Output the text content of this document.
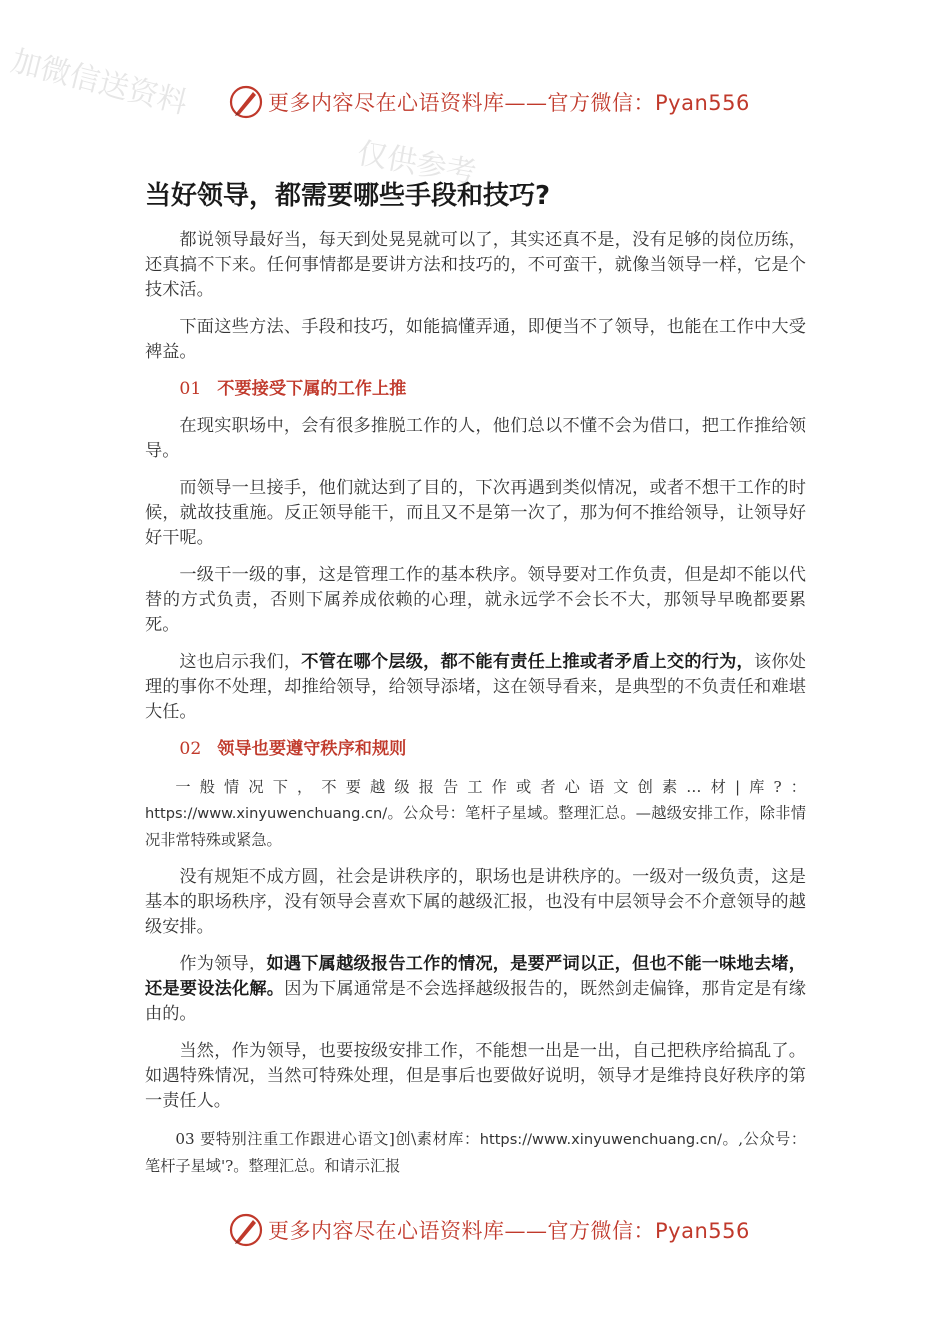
加微信送资料
仅供参考
更多内容尽在心语资料库——官方微信：Pyan556
当好领导，都需要哪些手段和技巧?

都说领导最好当，每天到处晃晃就可以了，其实还真不是，没有足够的岗位历练，还真搞不下来。任何事情都是要讲方法和技巧的，不可蛮干，就像当领导一样，它是个技术活。

下面这些方法、手段和技巧，如能搞懂弄通，即便当不了领导，也能在工作中大受裨益。

01 不要接受下属的工作上推

在现实职场中，会有很多推脱工作的人，他们总以不懂不会为借口，把工作推给领导。

而领导一旦接手，他们就达到了目的，下次再遇到类似情况，或者不想干工作的时候，就故技重施。反正领导能干，而且又不是第一次了，那为何不推给领导，让领导好好干呢。

一级干一级的事，这是管理工作的基本秩序。领导要对工作负责，但是却不能以代替的方式负责，否则下属养成依赖的心理，就永远学不会长不大，那领导早晚都要累死。

这也启示我们，不管在哪个层级，都不能有责任上推或者矛盾上交的行为，该你处理的事你不处理，却推给领导，给领导添堵，这在领导看来，是典型的不负责任和难堪大任。

02 领导也要遵守秩序和规则

一般情况下，不要越级报告工作或者心语文创素…材|库?：https://www.xinyuwenchuang.cn/。公众号：笔杆子星域。整理汇总。—越级安排工作，除非情况非常特殊或紧急。

没有规矩不成方圆，社会是讲秩序的，职场也是讲秩序的。一级对一级负责，这是基本的职场秩序，没有领导会喜欢下属的越级汇报，也没有中层领导会不介意领导的越级安排。

作为领导，如遇下属越级报告工作的情况，是要严词以正，但也不能一味地去堵，还是要设法化解。因为下属通常是不会选择越级报告的，既然剑走偏锋，那肯定是有缘由的。

当然，作为领导，也要按级安排工作，不能想一出是一出，自己把秩序给搞乱了。如遇特殊情况，当然可特殊处理，但是事后也要做好说明，领导才是维持良好秩序的第一责任人。

03 要特别注重工作跟进心语文]创\素材库：https://www.xinyuwenchuang.cn/。,公众号：笔杆子星域'?。整理汇总。和请示汇报

更多内容尽在心语资料库——官方微信：Pyan556
